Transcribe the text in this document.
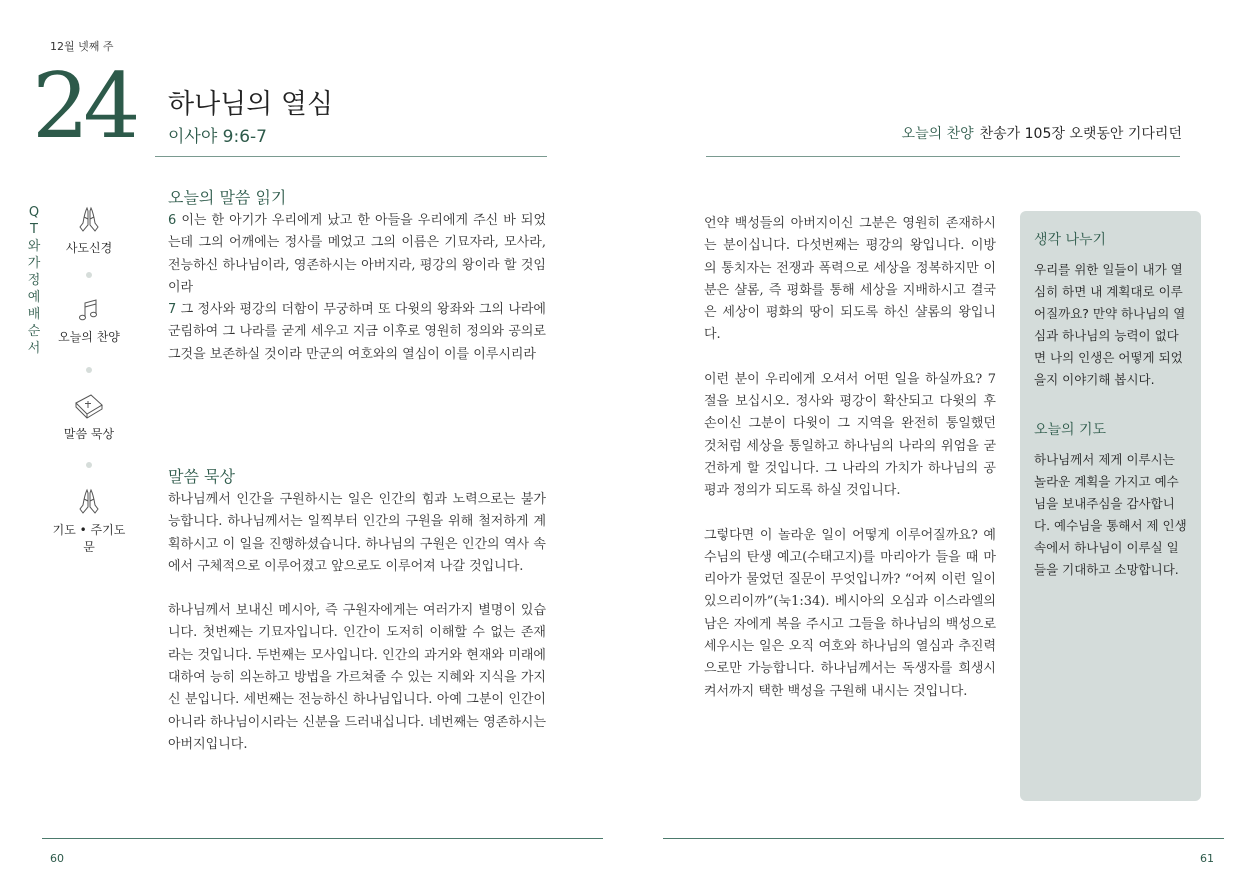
12월 넷째 주
24 하나님의 열심
이사야 9:6-7	오늘의 찬양 찬송가 105장 오랫동안 기다리던
QT와 가정예배 순서
사도신경
오늘의 찬양
말씀 묵상
기도 • 주기도문
오늘의 말씀 읽기

6 이는 한 아기가 우리에게 났고 한 아들을 우리에게 주신 바 되었는데 그의 어깨에는 정사를 메었고 그의 이름은 기묘자라, 모사라, 전능하신 하나님이라, 영존하시는 아버지라, 평강의 왕이라 할 것임이라

7 그 정사와 평강의 더함이 무궁하며 또 다윗의 왕좌와 그의 나라에 군림하여 그 나라를 굳게 세우고 지금 이후로 영원히 정의와 공의로 그것을 보존하실 것이라 만군의 여호와의 열심이 이를 이루시리라

말씀 묵상

하나님께서 인간을 구원하시는 일은 인간의 힘과 노력으로는 불가능합니다. 하나님께서는 일찍부터 인간의 구원을 위해 철저하게 계획하시고 이 일을 진행하셨습니다. 하나님의 구원은 인간의 역사 속에서 구체적으로 이루어졌고 앞으로도 이루어져 나갈 것입니다.

하나님께서 보내신 메시아, 즉 구원자에게는 여러가지 별명이 있습니다. 첫번째는 기묘자입니다. 인간이 도저히 이해할 수 없는 존재라는 것입니다. 두번째는 모사입니다. 인간의 과거와 현재와 미래에 대하여 능히 의논하고 방법을 가르쳐줄 수 있는 지혜와 지식을 가지신 분입니다. 세번째는 전능하신 하나님입니다. 아예 그분이 인간이 아니라 하나님이시라는 신분을 드러내십니다. 네번째는 영존하시는 아버지입니다.

언약 백성들의 아버지이신 그분은 영원히 존재하시는 분이십니다. 다섯번째는 평강의 왕입니다. 이방의 통치자는 전쟁과 폭력으로 세상을 정복하지만 이 분은 샬롬, 즉 평화를 통해 세상을 지배하시고 결국은 세상이 평화의 땅이 되도록 하신 샬롬의 왕입니다.

이런 분이 우리에게 오셔서 어떤 일을 하실까요? 7절을 보십시오. 정사와 평강이 확산되고 다윗의 후손이신 그분이 다윗이 그 지역을 완전히 통일했던 것처럼 세상을 통일하고 하나님의 나라의 위엄을 굳건하게 할 것입니다. 그 나라의 가치가 하나님의 공평과 정의가 되도록 하실 것입니다.

그렇다면 이 놀라운 일이 어떻게 이루어질까요? 예수님의 탄생 예고(수태고지)를 마리아가 들을 때 마리아가 물었던 질문이 무엇입니까? “어찌 이런 일이 있으리이까”(눅1:34). 베시아의 오심과 이스라엘의 남은 자에게 복을 주시고 그들을 하나님의 백성으로 세우시는 일은 오직 여호와 하나님의 열심과 추진력으로만 가능합니다. 하나님께서는 독생자를 희생시켜서까지 택한 백성을 구원해 내시는 것입니다.

생각 나누기
우리를 위한 일들이 내가 열심히 하면 내 계획대로 이루어질까요? 만약 하나님의 열심과 하나님의 능력이 없다면 나의 인생은 어떻게 되었을지 이야기해 봅시다.
오늘의 기도
하나님께서 제게 이루시는 놀라운 계획을 가지고 예수님을 보내주심을 감사합니다. 예수님을 통해서 제 인생 속에서 하나님이 이루실 일들을 기대하고 소망합니다.
60	61
